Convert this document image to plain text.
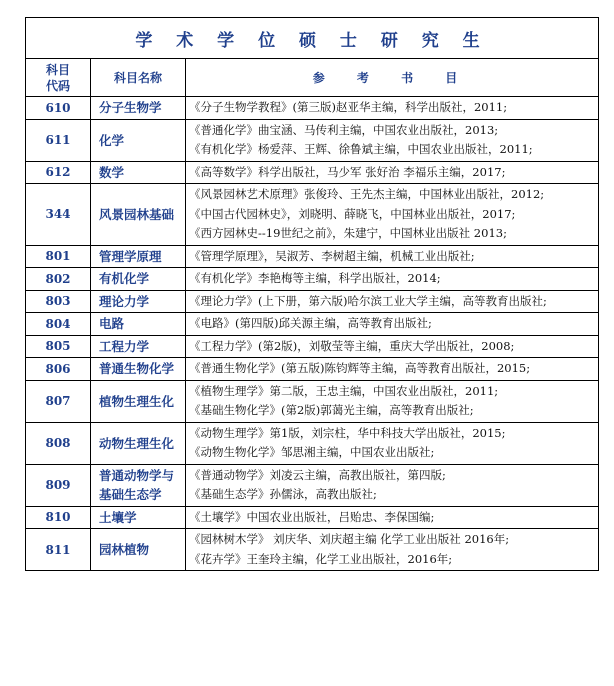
学 术 学 位 硕 士 研 究 生		
科目
代码	科目名称	参 考 书 目
610	分子生物学	《分子生物学教程》(第三版)赵亚华主编，科学出版社，2011;

611	化学	《普通化学》曲宝涵、马传利主编，中国农业出版社，2013;
《有机化学》杨爱萍、王辉、徐鲁斌主编，中国农业出版社，2011;

612	数学	《高等数学》科学出版社，马少军 张好治 李福乐主编，2017;

344	风景园林基础	《风景园林艺术原理》张俊玲、王先杰主编，中国林业出版社，2012;
《中国古代园林史》，刘晓明、薛晓飞，中国林业出版社，2017;
《西方园林史--19世纪之前》，朱建宁，中国林业出版社 2013;

801	管理学原理	《管理学原理》，吴淑芳、李树超主编，机械工业出版社;

802	有机化学	《有机化学》李艳梅等主编，科学出版社，2014;

803	理论力学	《理论力学》(上下册，第六版)哈尔滨工业大学主编，高等教育出版社;

804	电路	《电路》(第四版)邱关源主编，高等教育出版社;

805	工程力学	《工程力学》(第2版)，刘敬莹等主编，重庆大学出版社，2008;

806	普通生物化学	《普通生物化学》(第五版)陈钧辉等主编，高等教育出版社，2015;

807	植物生理生化	《植物生理学》第二版，王忠主编，中国农业出版社，2011;
《基础生物化学》(第2版)郭蔼光主编，高等教育出版社;

808	动物生理生化	《动物生理学》第1版，刘宗柱，华中科技大学出版社，2015;
《动物生物化学》邹思湘主编，中国农业出版社;

809	普通动物学与基础生态学	《普通动物学》刘凌云主编，高教出版社，第四版;
《基础生态学》孙儒泳，高教出版社;

810	土壤学	《土壤学》中国农业出版社，吕贻忠、李保国编;

811	园林植物	《园林树木学》 刘庆华、刘庆超主编 化学工业出版社 2016年;
《花卉学》王奎玲主编，化学工业出版社，2016年;
